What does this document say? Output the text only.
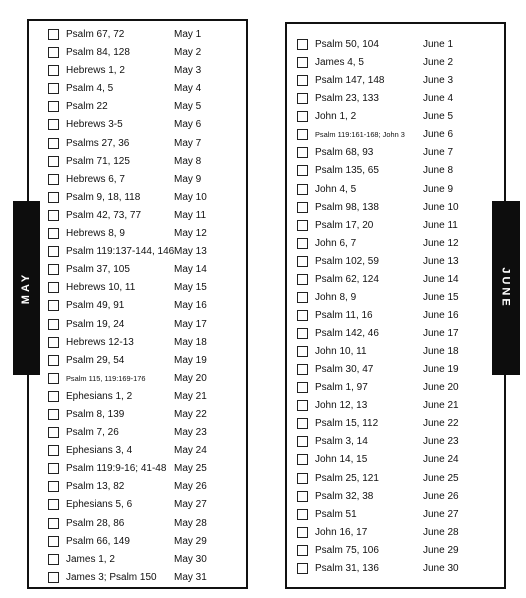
Psalm 67, 72	May 1
Psalm 84, 128	May 2
Hebrews 1, 2	May 3
Psalm 4, 5	May 4
Psalm 22	May 5
Hebrews 3-5	May 6
Psalms 27, 36	May 7
Psalm 71, 125	May 8
Hebrews 6, 7	May 9
Psalm 9, 18, 118	May 10
Psalm 42, 73, 77	May 11
Hebrews 8, 9	May 12
Psalm 119:137-144, 146 May 13
Psalm 37, 105	May 14
Hebrews 10, 11	May 15
Psalm 49, 91	May 16
Psalm 19, 24	May 17
Hebrews 12-13	May 18
Psalm 29, 54	May 19
Psalm 115, 119:169-176	May 20
Ephesians 1, 2	May 21
Psalm 8, 139	May 22
Psalm 7, 26	May 23
Ephesians 3, 4	May 24
Psalm 119:9-16; 41-48 May 25
Psalm 13, 82	May 26
Ephesians 5, 6	May 27
Psalm 28, 86	May 28
Psalm 66, 149	May 29
James 1, 2	May 30
James 3; Psalm 150 May 31
MAY
Psalm 50, 104	June 1
James 4, 5	June 2
Psalm 147, 148	June 3
Psalm 23, 133	June 4
John 1, 2	June 5
Psalm 119:161-168; John 3 June 6
Psalm 68, 93	June 7
Psalm 135, 65	June 8
John 4, 5	June 9
Psalm 98, 138	June 10
Psalm 17, 20	June 11
John 6, 7	June 12
Psalm 102, 59	June 13
Psalm 62, 124	June 14
John 8, 9	June 15
Psalm 11, 16	June 16
Psalm 142, 46	June 17
John 10, 11	June 18
Psalm 30, 47	June 19
Psalm 1, 97	June 20
John 12, 13	June 21
Psalm 15, 112	June 22
Psalm 3, 14	June 23
John 14, 15	June 24
Psalm 25, 121	June 25
Psalm 32, 38	June 26
Psalm 51	June 27
John 16, 17	June 28
Psalm 75, 106	June 29
Psalm 31, 136	June 30
JUNE
